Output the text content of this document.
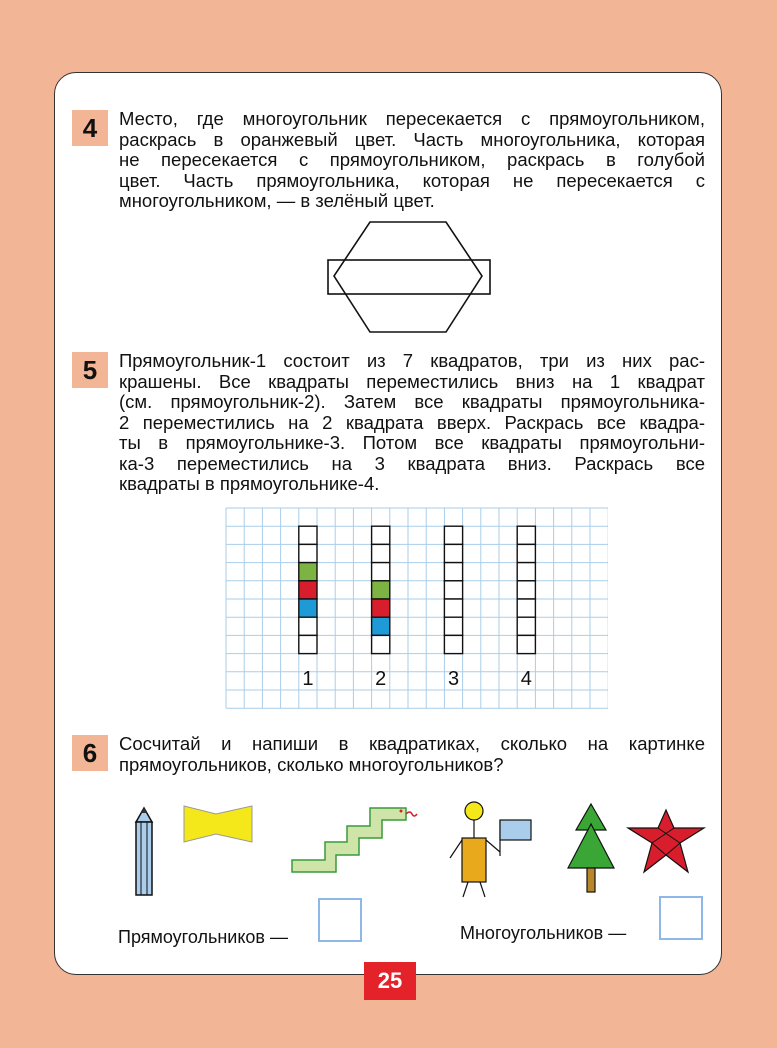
4	Место, где многоугольник пересекается с прямоугольником,
раскрась в оранжевый цвет. Часть многоугольника, которая
не пересекается с прямоугольником, раскрась в голубой
цвет. Часть прямоугольника, которая не пересекается с
многоугольником, — в зелёный цвет.
5	Прямоугольник-1 состоит из 7 квадратов, три из них рас-
крашены. Все квадраты переместились вниз на 1 квадрат
(см. прямоугольник-2). Затем все квадраты прямоугольника-
2 переместились на 2 квадрата вверх. Раскрась все квадра-
ты в прямоугольнике-3. Потом все квадраты прямоугольни-
ка-3 переместились на 3 квадрата вниз. Раскрась все
квадраты в прямоугольнике-4.
1	2	3	4
6	Сосчитай и напиши в квадратиках, сколько на картинке
прямоугольников, сколько многоугольников?
Прямоугольников —	Многоугольников —
25
